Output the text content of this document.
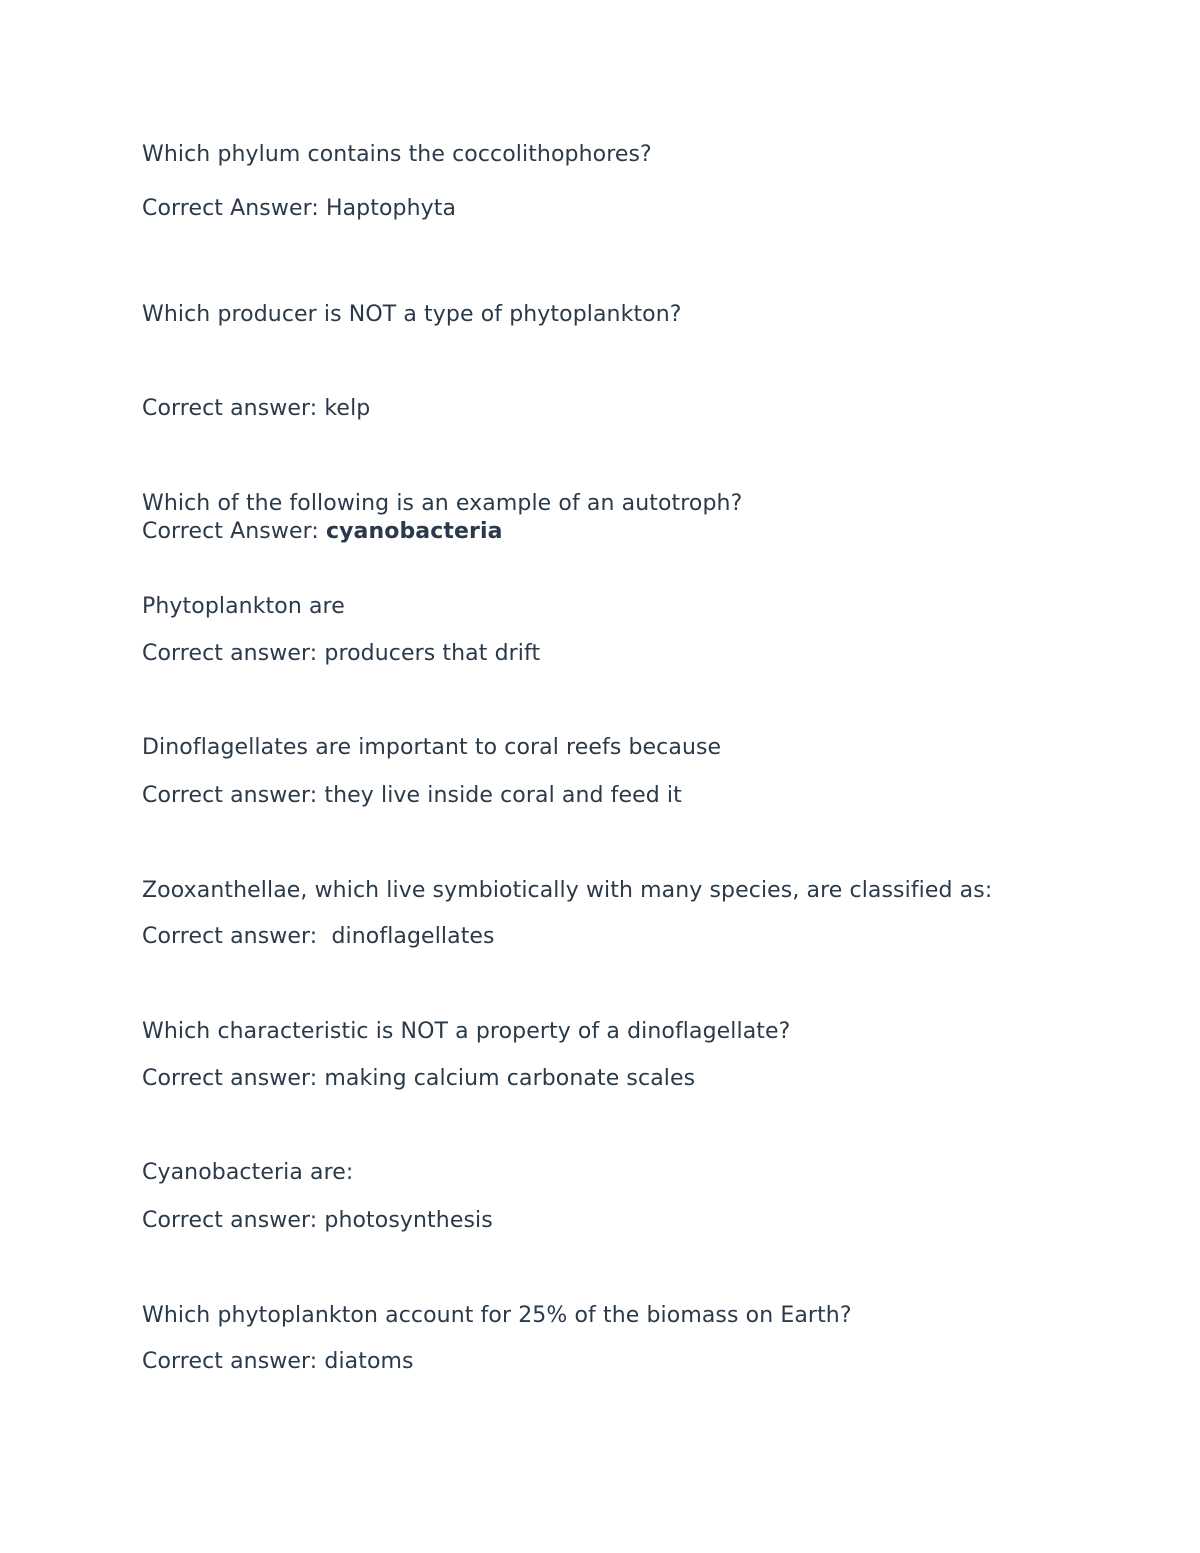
Which phylum contains the coccolithophores?
Correct Answer: Haptophyta
Which producer is NOT a type of phytoplankton?
Correct answer: kelp
Which of the following is an example of an autotroph?
Correct Answer: cyanobacteria
Phytoplankton are
Correct answer: producers that drift
Dinoflagellates are important to coral reefs because
Correct answer: they live inside coral and feed it
Zooxanthellae, which live symbiotically with many species, are classified as:
Correct answer:  dinoflagellates
Which characteristic is NOT a property of a dinoflagellate?
Correct answer: making calcium carbonate scales
Cyanobacteria are:
Correct answer: photosynthesis
Which phytoplankton account for 25% of the biomass on Earth?
Correct answer: diatoms
